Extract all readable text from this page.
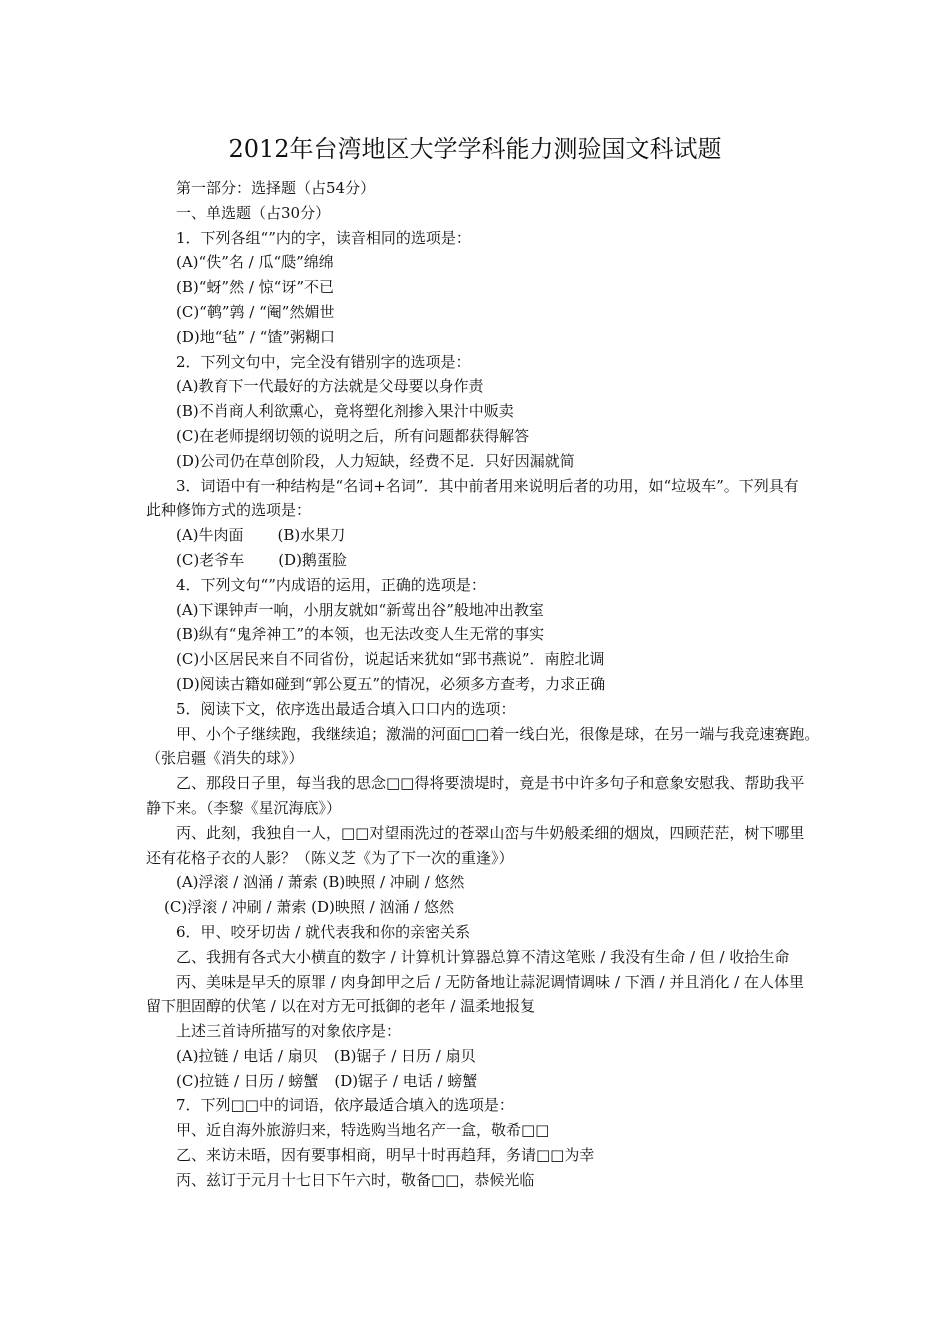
2012年台湾地区大学学科能力测验国文科试题
第一部分：选择题（占54分）
一、单选题（占30分）
1．下列各组“”内的字，读音相同的选项是：
(A)“佚”名 / 瓜“瓞”绵绵
(B)“蚜”然 / 惊“讶”不已
(C)“鹌”鹑 / “阉”然媚世
(D)地“毡” / “馇”粥糊口
2．下列文句中，完全没有错别字的选项是：
(A)教育下一代最好的方法就是父母要以身作责
(B)不肖商人利欲熏心，竟将塑化剂掺入果汁中贩卖
(C)在老师提纲切领的说明之后，所有问题都获得解答
(D)公司仍在草创阶段，人力短缺，经费不足．只好因漏就简
3．词语中有一种结构是“名词+名词”．其中前者用来说明后者的功用，如“垃圾车”。下列具有此种修饰方式的选项是：
(A)牛肉面 (B)水果刀
(C)老爷车 (D)鹅蛋脸
4．下列文句“”内成语的运用，正确的选项是：
(A)下课钟声一响，小朋友就如“新莺出谷”般地冲出教室
(B)纵有“鬼斧神工”的本领，也无法改变人生无常的事实
(C)小区居民来自不同省份，说起话来犹如“郢书燕说”．南腔北调
(D)阅读古籍如碰到“郭公夏五”的情况，必须多方查考，力求正确
5．阅读下文，依序选出最适合填入口口内的选项：
甲、小个子继续跑，我继续追；激湍的河面□□着一线白光，很像是球，在另一端与我竞速赛跑。　　（张启疆《消失的球》）
乙、那段日子里，每当我的思念□□得将要溃堤时，竟是书中许多句子和意象安慰我、帮助我平静下来。（李黎《星沉海底》）
丙、此刻，我独自一人，□□对望雨洗过的苍翠山峦与牛奶般柔细的烟岚，四顾茫茫，树下哪里还有花格子衣的人影？（陈义芝《为了下一次的重逢》）
(A)浮滚 / 汹涌 / 萧索 (B)映照 / 冲刷 / 悠然
(C)浮滚 / 冲刷 / 萧索 (D)映照 / 汹涌 / 悠然
6．甲、咬牙切齿 / 就代表我和你的亲密关系
乙、我拥有各式大小横直的数字 / 计算机计算器总算不清这笔账 / 我没有生命 / 但 / 收拾生命
丙、美味是早夭的原罪 / 肉身卸甲之后 / 无防备地让蒜泥调情调味 / 下酒 / 并且消化 / 在人体里留下胆固醇的伏笔 / 以在对方无可抵御的老年 / 温柔地报复
上述三首诗所描写的对象依序是：
(A)拉链 / 电话 / 扇贝 (B)锯子 / 日历 / 扇贝
(C)拉链 / 日历 / 螃蟹 (D)锯子 / 电话 / 螃蟹
7．下列□□中的词语，依序最适合填入的选项是：
甲、近自海外旅游归来，特选购当地名产一盒，敬希□□
乙、来访未晤，因有要事相商，明早十时再趋拜，务请□□为幸
丙、兹订于元月十七日下午六时，敬备□□，恭候光临
